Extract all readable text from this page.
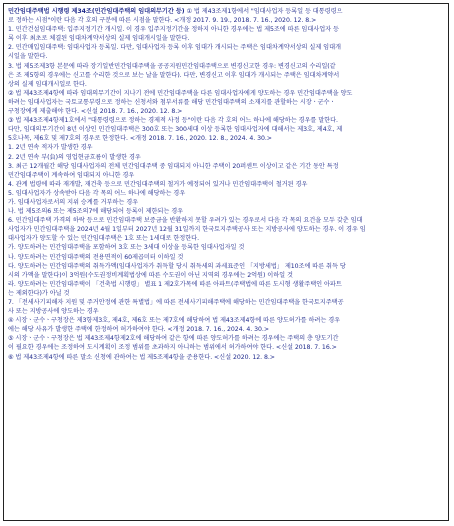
민간임대주택법 시행령 제34조(민간임대주택의 임대의무기간 등) ① 법 제43조제1항에서 "임대사업자 등록일 등 대통령령으
로 정하는 시점"이란 다음 각 호의 구분에 따른 시점을 말한다. <개정 2017. 9. 19., 2018. 7. 16., 2020. 12. 8.>
1. 민간건설임대주택: 입주지정기간 개시일. 이 경우 입주지정기간을 정하지 아니한 경우에는 법 제5조에 따른 임대사업자 등
록 이후 최초로 체결된 임대차계약서상의 실제 임대개시일을 말한다.
2. 민간매입임대주택: 임대사업자 등록일. 다만, 임대사업자 등록 이후 임대가 개시되는 주택은 임대차계약서상의 실제 임대개
시일을 말한다.
3. 법 제5조제3항 본문에 따라 장기일반민간임대주택을 공공지원민간임대주택으로 변경신고한 경우: 변경신고의 수리일(같
은 조 제5항의 경우에는 신고를 수리한 것으로 보는 날을 말한다). 다만, 변경신고 이후 임대가 개시되는 주택은 임대차계약서
상의 실제 임대개시일로 한다.
② 법 제43조제4항에 따라 임대의무기간이 지나기 전에 민간임대주택을 다른 임대사업자에게 양도하는 경우 민간임대주택을 양도
하려는 임대사업자는 국토교통부령으로 정하는 신청서와 첨부서류를 해당 민간임대주택의 소재지를 관할하는 시장ㆍ군수ㆍ
구청장에게 제출해야 한다. <신설 2018. 7. 16., 2020. 12. 8.>
③ 법 제43조제4항제1호에서 "대통령령으로 정하는 경제적 사정 등"이란 다음 각 호의 어느 하나에 해당하는 경우를 말한다.
다만, 임대의무기간이 8년 이상인 민간임대주택은 300호 또는 300세대 이상 등록한 임대사업자에 대해서는 제3호, 제4호, 제
5호나목, 제6호 및 제7호의 경우로 한정한다. <개정 2018. 7. 16., 2020. 12. 8., 2024. 4. 30.>
1. 2년 연속 적자가 발생한 경우
2. 2년 연속 부(負)의 영업현금흐름이 발생한 경우
3. 최근 12개월간 해당 임대사업자의 전체 민간임대주택 중 임대되지 아니한 주택이 20퍼센트 이상이고 같은 기간 동안 특정
민간임대주택이 계속하여 임대되지 아니한 경우
4. 관계 법령에 따라 재개발, 재건축 등으로 민간임대주택의 철거가 예정되어 있거나 민간임대주택이 철거된 경우
5. 임대사업자가 상속받아 다음 각 목의 어느 하나에 해당하는 경우
가. 임대사업자로서의 지위 승계를 거부하는 경우
나. 법 제5조의6 또는 제5조의7에 해당되어 등록이 제한되는 경우
6. 민간임대주택 가격의 하락 등으로 민간임대주택 보증금을 반환하지 못할 우려가 있는 경우로서 다음 각 목의 요건을 모두 갖춘 임대
사업자가 민간임대주택을 2024년 4월 1일부터 2027년 12월 31일까지 한국토지주택공사 또는 지방공사에 양도하는 경우. 이 경우 임
대사업자가 양도할 수 있는 민간임대주택은 1호 또는 1세대로 한정한다.
가. 양도하려는 민간임대주택을 포함하여 3호 또는 3세대 이상을 등록한 임대사업자일 것
나. 양도하려는 민간임대주택의 전용면적이 60제곱미터 이하일 것
다. 양도하려는 민간임대주택의 취득가액(임대사업자가 취득할 당시 취득세의 과세표준인 「지방세법」 제10조에 따른 취득 당
시의 가액을 말한다)이 3억원(수도권정비계획법상에 따른 수도권이 아닌 지역의 경우에는 2억원) 이하일 것
라. 양도하려는 민간임대주택이 「건축법 시행령」 별표 1 제2호가목에 따른 아파트(주택법에 따른 도시형 생활주택인 아파트
는 제외한다)가 아닐 것
7. 「전세사기피해자 지원 및 주거안정에 관한 특별법」에 따른 전세사기피해주택에 해당하는 민간임대주택을 한국토지주택공
사 또는 지방공사에 양도하는 경우
④ 시장ㆍ군수ㆍ구청장은 제3항제3호, 제4호, 제6호 또는 제7호에 해당하여 법 제43조제4항에 따른 양도허가를 하려는 경우
에는 해당 사유가 발생한 주택에 한정하여 허가하여야 한다. <개정 2018. 7. 16., 2024. 4. 30.>
⑤ 시장ㆍ군수ㆍ구청장은 법 제43조제4항제2호에 해당하여 같은 항에 따른 양도허가를 하려는 경우에는 주택의 층 양도기간
이 필요한 경우에는 조정하여 도시계획이 조정 범위를 초과하지 아니하는 범위에서 허가하여야 한다. <신설 2018. 7. 16.>
⑥ 법 제43조제4항에 따른 말소 신청에 관하여는 법 제5조제4항을 준용한다. <신설 2020. 12. 8.>
